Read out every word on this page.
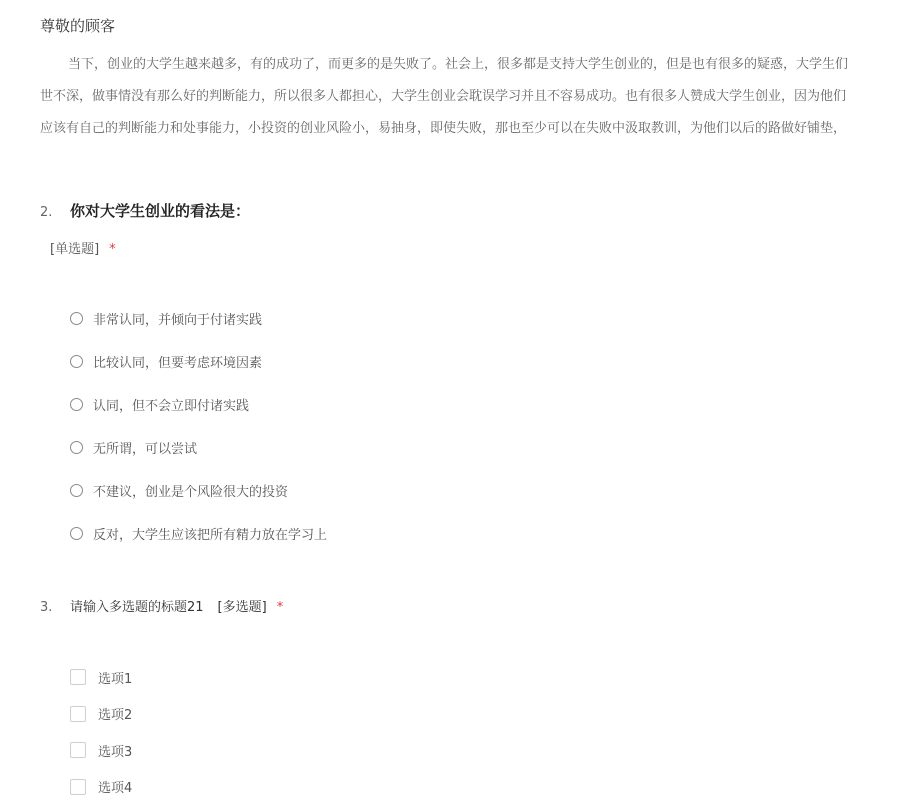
尊敬的顾客
当下，创业的大学生越来越多，有的成功了，而更多的是失败了。社会上，很多都是支持大学生创业的，但是也有很多的疑惑，大学生们
世不深，做事情没有那么好的判断能力，所以很多人都担心，大学生创业会耽误学习并且不容易成功。也有很多人赞成大学生创业，因为他们
应该有自己的判断能力和处事能力，小投资的创业风险小，易抽身，即使失败，那也至少可以在失败中汲取教训，为他们以后的路做好铺垫，
2.	你对大学生创业的看法是：
[单选题] *
非常认同，并倾向于付诸实践
比较认同，但要考虑环境因素
认同，但不会立即付诸实践
无所谓，可以尝试
不建议，创业是个风险很大的投资
反对，大学生应该把所有精力放在学习上
3.	请输入多选题的标题21 [多选题] *
选项1
选项2
选项3
选项4
